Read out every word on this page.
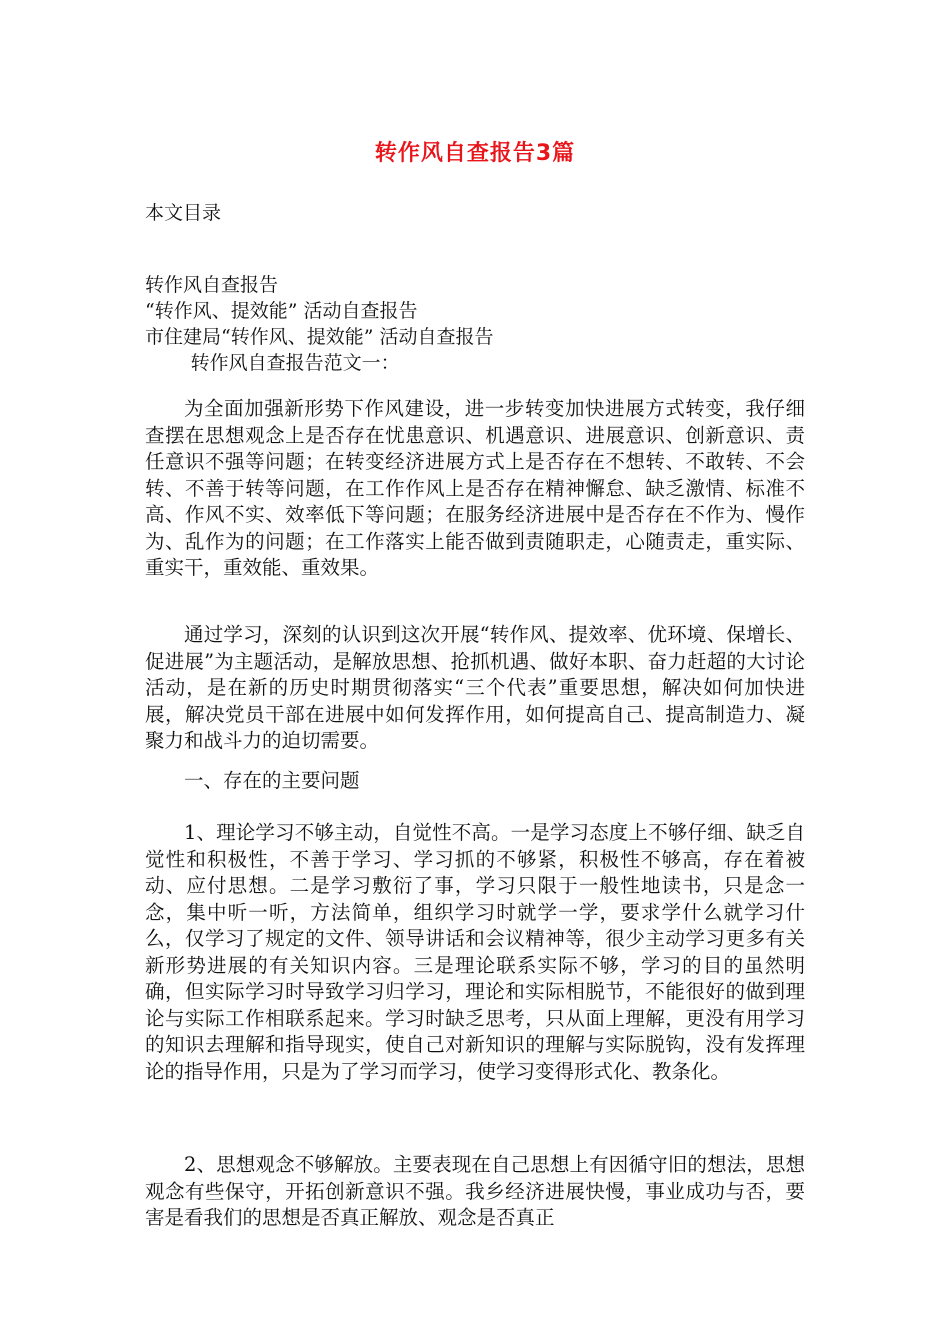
转作风自查报告3篇
本文目录
转作风自查报告
“转作风、提效能” 活动自查报告
市住建局“转作风、提效能” 活动自查报告
转作风自查报告范文一：

为全面加强新形势下作风建设，进一步转变加快进展方式转变，我仔细查摆在思想观念上是否存在忧患意识、机遇意识、进展意识、创新意识、责任意识不强等问题；在转变经济进展方式上是否存在不想转、不敢转、不会转、不善于转等问题，在工作作风上是否存在精神懈怠、缺乏激情、标准不高、作风不实、效率低下等问题；在服务经济进展中是否存在不作为、慢作为、乱作为的问题；在工作落实上能否做到责随职走，心随责走，重实际、重实干，重效能、重效果。

通过学习，深刻的认识到这次开展“转作风、提效率、优环境、保增长、促进展”为主题活动，是解放思想、抢抓机遇、做好本职、奋力赶超的大讨论活动，是在新的历史时期贯彻落实“三个代表”重要思想，解决如何加快进展，解决党员干部在进展中如何发挥作用，如何提高自己、提高制造力、凝聚力和战斗力的迫切需要。

一、存在的主要问题

1、理论学习不够主动，自觉性不高。一是学习态度上不够仔细、缺乏自觉性和积极性，不善于学习、学习抓的不够紧，积极性不够高，存在着被动、应付思想。二是学习敷衍了事，学习只限于一般性地读书，只是念一念，集中听一听，方法简单，组织学习时就学一学，要求学什么就学习什么，仅学习了规定的文件、领导讲话和会议精神等，很少主动学习更多有关新形势进展的有关知识内容。三是理论联系实际不够，学习的目的虽然明确，但实际学习时导致学习归学习，理论和实际相脱节，不能很好的做到理论与实际工作相联系起来。学习时缺乏思考，只从面上理解，更没有用学习的知识去理解和指导现实，使自己对新知识的理解与实际脱钩，没有发挥理论的指导作用，只是为了学习而学习，使学习变得形式化、教条化。

2、思想观念不够解放。主要表现在自己思想上有因循守旧的想法，思想观念有些保守，开拓创新意识不强。我乡经济进展快慢，事业成功与否，要害是看我们的思想是否真正解放、观念是否真正
